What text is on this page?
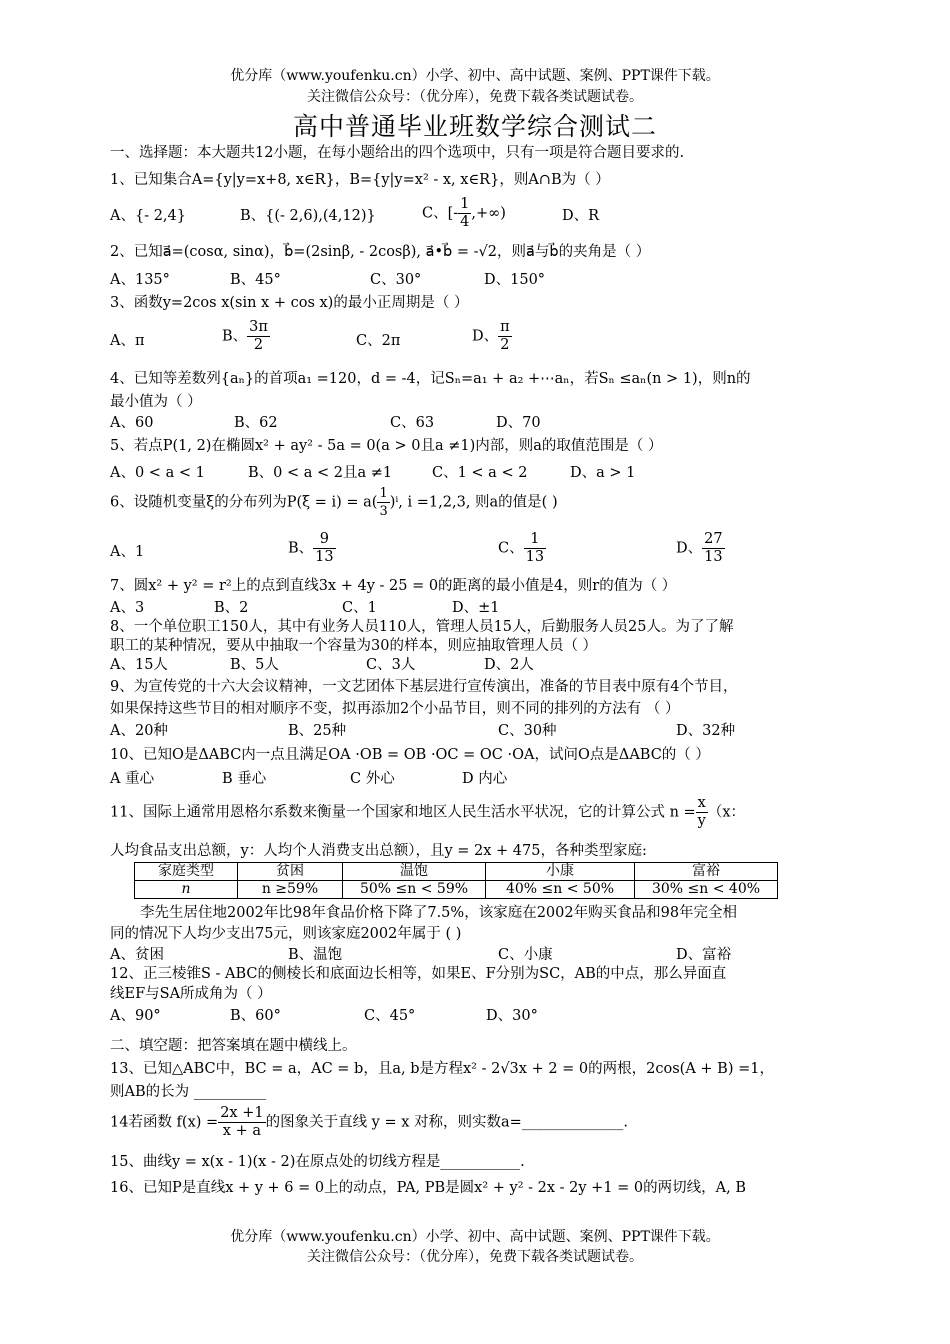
优分库（www.youfenku.cn）小学、初中、高中试题、案例、PPT课件下载。
关注微信公众号：（优分库），免费下载各类试题试卷。
高中普通毕业班数学综合测试二
一、选择题：本大题共12小题，在每小题给出的四个选项中，只有一项是符合题目要求的.
1、已知集合A={y|y=x+8, x∈R}，B={y|y=x² - x, x∈R}，则A∩B为（ ）
A、{- 2,4}	B、{(- 2,6),(4,12)}	C、[- $\frac{1}{4}$ ,+∞)	D、R
2、已知a⃗=(cosα, sinα)，b⃗=(2sinβ, - 2cosβ), a⃗•b⃗ = -√2，则a⃗与b⃗的夹角是（ ）
A、135°	B、45°	C、30°	D、150°
3、函数y=2cos x(sin x + cos x)的最小正周期是（ ）
A、π	B、 $\frac{3\pi}{2}$	C、2π	D、 $\frac{\pi}{2}$
4、已知等差数列{aₙ}的首项a₁ =120，d = -4，记Sₙ=a₁ + a₂ +⋯aₙ，若Sₙ ≤aₙ(n > 1)，则n的
最小值为（ ）
A、60	B、62	C、63	D、70
5、若点P(1, 2)在椭圆x² + ay² - 5a = 0(a > 0且a ≠1)内部，则a的取值范围是（ ）
A、0 < a < 1	B、0 < a < 2且a ≠1	C、1 < a < 2	D、a > 1
6、设随机变量ξ的分布列为$P(\xi = i) = a( \frac{1}{3} )^i$, i =1,2,3, 则a的值是( )
A、1	B、 $\frac{9}{13}$	C、 $\frac{1}{13}$	D、 $\frac{27}{13}$
7、圆x² + y² = r²上的点到直线3x + 4y - 25 = 0的距离的最小值是4，则r的值为（ ）
A、3	B、2	C、1	D、±1
8、一个单位职工150人，其中有业务人员110人，管理人员15人，后勤服务人员25人。为了了解
职工的某种情况，要从中抽取一个容量为30的样本，则应抽取管理人员（ ）
A、15人	B、5人	C、3人	D、2人
9、为宣传党的十六大会议精神，一文艺团体下基层进行宣传演出，准备的节目表中原有4个节目，
如果保持这些节目的相对顺序不变，拟再添加2个小品节目，则不同的排列的方法有 （ ）
A、20种	B、25种	C、30种	D、32种
10、已知O是ΔABC内一点且满足OA ·OB = OB ·OC = OC ·OA，试问O点是ΔABC的（ ）
A 重心	B 垂心	C 外心	D 内心
11、国际上通常用恩格尔系数来衡量一个国家和地区人民生活水平状况，它的计算公式 $n = \frac{x}{y} (x$：
人均食品支出总额，y：人均个人消费支出总额），且y = 2x + 475，各种类型家庭:
家庭类型	贫困	温饱	小康	富裕
n	n ≥59%	50% ≤n < 59%	40% ≤n < 50%	30% ≤n < 40%
李先生居住地2002年比98年食品价格下降了7.5%，该家庭在2002年购买食品和98年完全相
同的情况下人均少支出75元，则该家庭2002年属于 ( )
A、贫困	B、温饱	C、小康	D、富裕
12、正三棱锥S - ABC的侧棱长和底面边长相等，如果E、F分别为SC，AB的中点，那么异面直
线EF与SA所成角为（ ）
A、90°	B、60°	C、45°	D、30°
二、填空题：把答案填在题中横线上。
13、已知△ABC中，BC = a，AC = b，且a, b是方程x² - 2√3x + 2 = 0的两根，2cos(A + B) =1，
则AB的长为 __________
14若函数 $f(x) = \frac{2x +1}{x + a}$ 的图象关于直线 y = x 对称，则实数a=______________.
15、曲线y = x(x - 1)(x - 2)在原点处的切线方程是___________.
16、已知P是直线x + y + 6 = 0上的动点，PA, PB是圆x² + y² - 2x - 2y +1 = 0的两切线，A, B
优分库（www.youfenku.cn）小学、初中、高中试题、案例、PPT课件下载。
关注微信公众号：（优分库），免费下载各类试题试卷。
